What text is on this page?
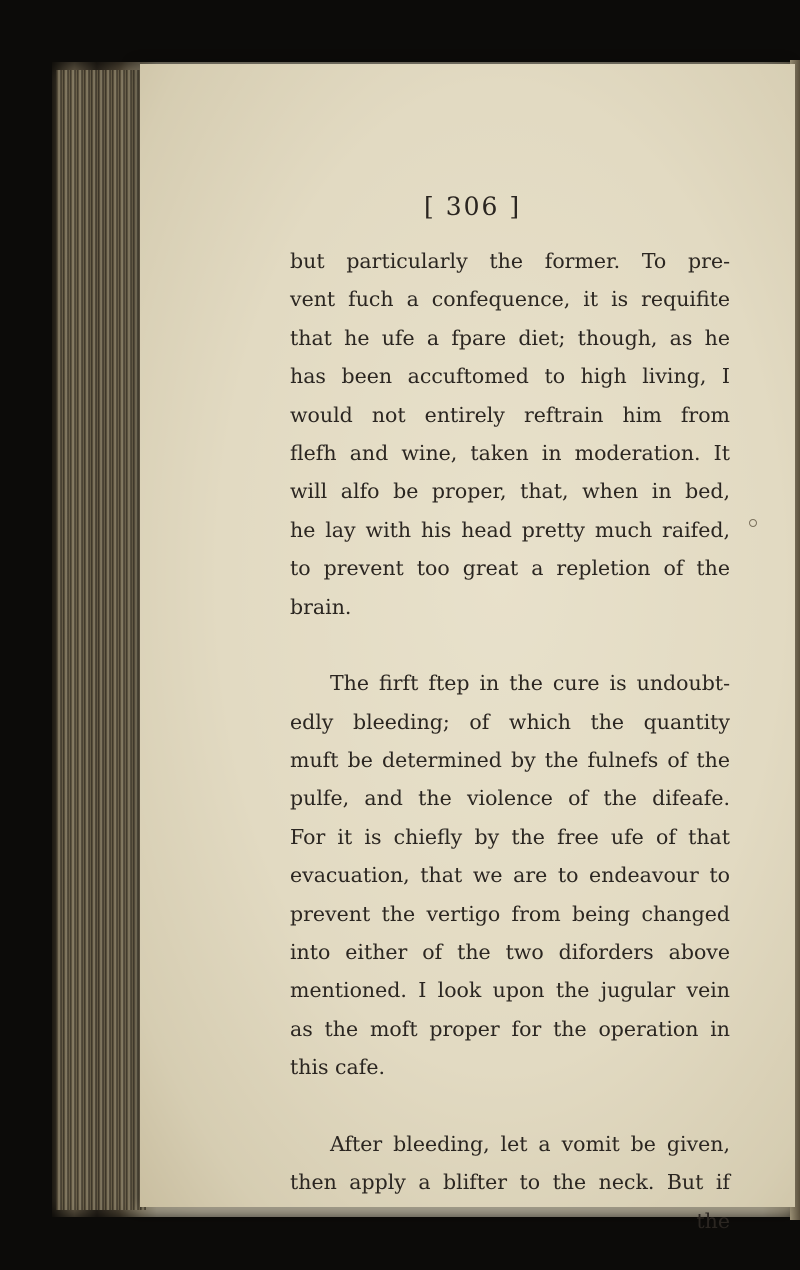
[ 306 ]
but particularly the former. To pre-
vent fuch a confequence, it is requifite
that he ufe a fpare diet; though, as he
has been accuftomed to high living, I
would not entirely reftrain him from
flefh and wine, taken in moderation. It
will alfo be proper, that, when in bed,
he lay with his head pretty much raifed,
to prevent too great a repletion of the
brain.
The firft ftep in the cure is undoubt-
edly bleeding; of which the quantity
muft be determined by the fulnefs of the
pulfe, and the violence of the difeafe.
For it is chiefly by the free ufe of that
evacuation, that we are to endeavour to
prevent the vertigo from being changed
into either of the two diforders above
mentioned. I look upon the jugular vein
as the moft proper for the operation in
this cafe.
After bleeding, let a vomit be given,
then apply a blifter to the neck. But if
the
